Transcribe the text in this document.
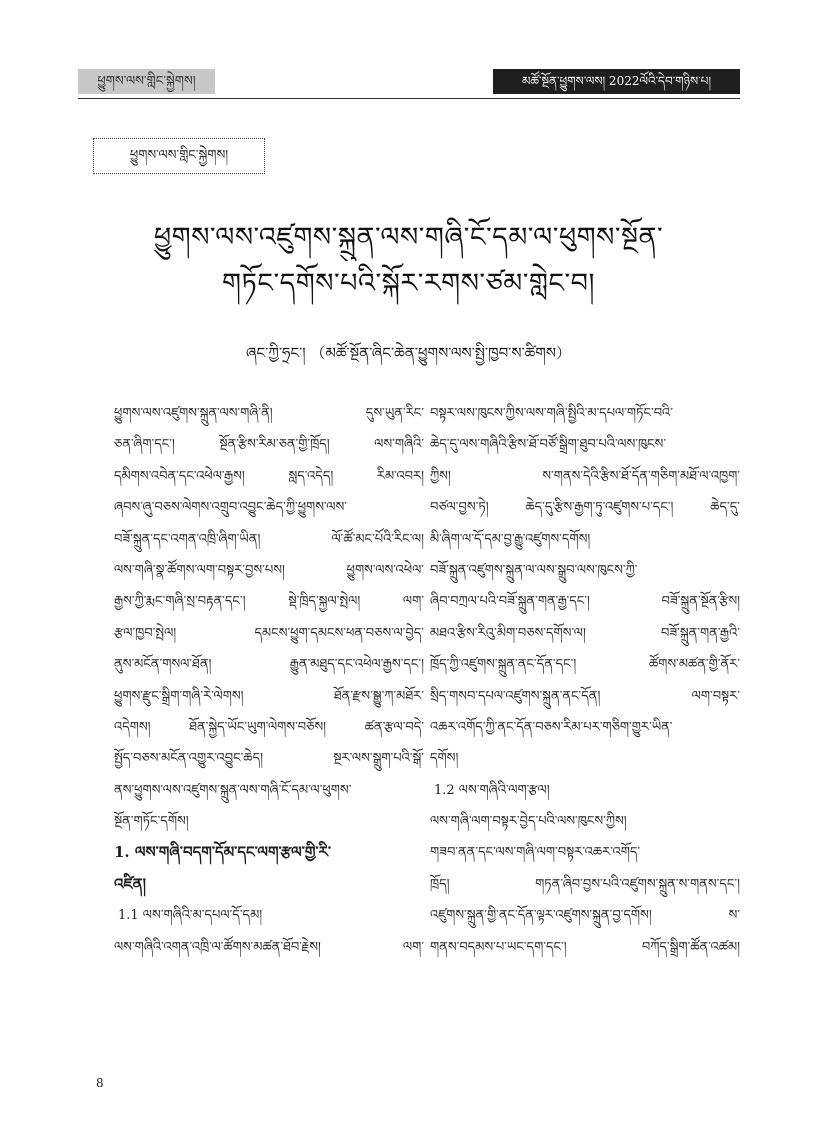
ཕྱུགས་ལས་གླིང་སྐྱེགས།	མཚོ་སྔོན་ཕྱུགས་ལས། 2022ལོའི་དེབ་གཉིས་པ།
ཕྱུགས་ལས་གླིང་སྐྱེགས།
ཕྱུགས་ལས་འཛུགས་སྐྲུན་ལས་གཞི་ངོ་དམ་ལ་ཕུགས་སྔོན་
གཏོང་དགོས་པའི་སྐོར་རགས་ཙམ་གླེང་བ།
ཞང་ཀྱི་ཧྲང་། （མཚོ་སྔོན་ཞིང་ཆེན་ཕྱུགས་ལས་སྤྱི་ཁྱབ་ས་ཚིགས）
ཕྱུགས་ལས་འཛུགས་སྐྲུན་ལས་གཞི་ནི། དུས་ཡུན་རིང་
ཅན་ཞིག་དང་། སྔོན་རྩིས་རིམ་ཅན་གྱི་ཁྲོད། ལས་གཞིའི་
དམིགས་འབེན་དང་འཕེལ་རྒྱས། སླད་འདེད། རིམ་འབར།
ཞབས་ཞུ་བཅས་ལེགས་འགྲུབ་འབྱུང་ཆེད་ཀྱི་ཕྱུགས་ལས་
བཟོ་སྐྲུན་དང་འགན་འཁྲི་ཞིག་ཡིན། ལོ་ཚོ་མང་པོའི་རིང་ལ།
ལས་གཞི་སྣ་ཚོགས་ལག་བསྟར་བྱས་པས། ཕྱུགས་ལས་འཕེལ་
རྒྱས་ཀྱི་རྨང་གཞི་སྲ་བརྟན་དང་། སྡེ་ཁྲིད་སྐྱལ་སྤེལ། ལག་
རྩལ་ཁྱབ་སྤེལ། དམངས་ཕྱུག་དམངས་ཕན་བཅས་ལ་བྱེད་
ནུས་མངོན་གསལ་ཐོན། རྒྱུན་མཐུད་དང་འཕེལ་རྒྱས་དང་།
ཕྱུགས་རྫུང་སྒྲིག་གཞི་རེ་ལེགས། ཐོན་རྫས་སྒྱུ་ཀ་མཐོར་
འདེགས། ཐོན་སྐྱེད་ཡོང་ཡུག་ལེགས་བཅོས། ཚན་རྩལ་བདེ་
སྤྱོད་བཅས་མངོན་འགྱུར་འབྱུང་ཆེད། སྔར་ལས་སྒྲུག་པའི་སྒོ་
ནས་ཕྱུགས་ལས་འཛུགས་སྐྲུན་ལས་གཞི་ངོ་དམ་ལ་ཕུགས་
སྔོན་གཏོང་དགོས།
1. ལས་གཞི་བདག་དོམ་དང་ལག་རྩལ་གྱི་རི་
འཛིན།
1.1 ལས་གཞིའི་མ་དཔལ་དོ་དམ།
ལས་གཞིའི་འགན་འཁྲི་ལ་ཚོགས་མཚན་ཐོབ་རྗེས། ལག་
བསྟར་ལས་ཁུངས་ཀྱིས་ལས་གཞི་སྤྱིའི་མ་དཔལ་གཏོང་བའི་
ཆེད་དུ་ལས་གཞིའི་རྩིས་ཐོ་བཙོ་སྒྲིག་ཐུབ་པའི་ལས་ཁུངས་
ཀྱིས། ས་གནས་དེའི་རྩིས་ཐོ་དོན་གཅིག་མཐོ་ལ་འཁྱག་
བཙལ་བྱས་ཏེ། ཆེད་དུ་རྩིས་རྒྱག་ཏུ་འཛུགས་པ་དང་། ཆེད་དུ་
མི་ཞིག་ལ་དོ་དམ་བྱ་རྒྱུ་འཛུགས་དགོས།
བཟོ་སྐྲུན་འཛུགས་སྐྲུན་ལ་ལས་སྒྲུབ་ལས་ཁུངས་ཀྱི་
ཞིབ་བཀྲལ་པའི་བཟོ་སྐྲུན་གན་རྒྱ་དང་། བཟོ་སྐྲུན་སྔོན་རྩིས།
མཐའ་རྩིས་རིའུ་མིག་བཅས་དགོས་ལ། བཟོ་སྐྲུན་གན་རྒྱའི་
ཁྲོད་ཀྱི་འཛུགས་སྐྲུན་ནང་དོན་དང་། ཚོགས་མཚན་གྱི་ནོར་
སྲིད་གསབ་དཔལ་འཛུགས་སྐྲུན་ནང་དོན། ལག་བསྟར་
འཆར་འགོད་ཀྱི་ནང་དོན་བཅས་རིམ་པར་གཅིག་གྱུར་ཡིན་
དགོས།
1.2 ལས་གཞིའི་ལག་རྩལ།
ལས་གཞི་ལག་བསྟར་བྱེད་པའི་ལས་ཁུངས་ཀྱིས།
གཟབ་ནན་དང་ལས་གཞི་ལག་བསྟར་འཆར་འགོད་
ཁྲོད། གཏན་ཞིབ་བྱས་པའི་འཛུགས་སྐྲུན་ས་གནས་དང་།
འཛུགས་སྐྲུན་གྱི་ནང་དོན་ལྟར་འཛུགས་སྐྲུན་བྱ་དགོས། ས་
གནས་བདམས་པ་ཡང་དག་དང་། བཀོད་སྒྲིག་ཚོན་འཚམ།
8
